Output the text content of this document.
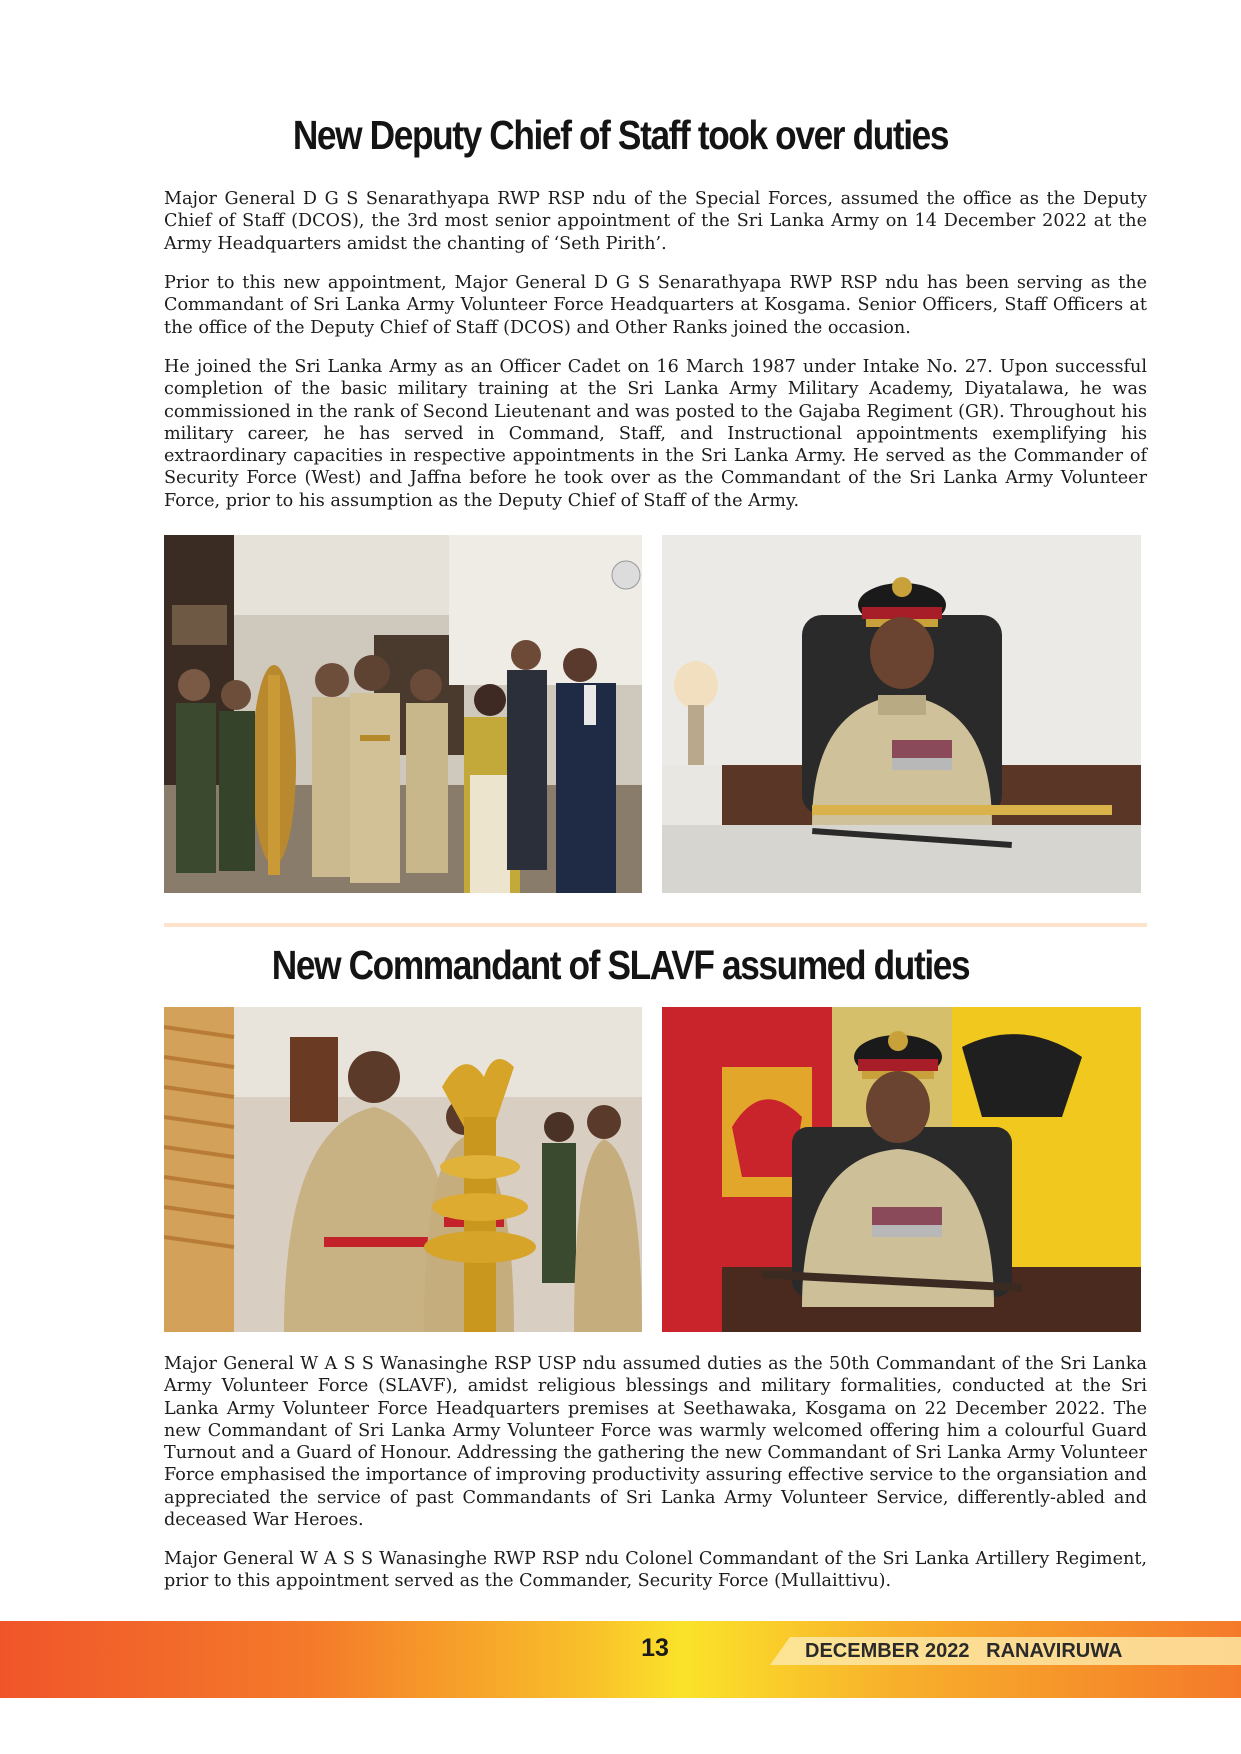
New Deputy Chief of Staff took over duties

Major General D G S Senarathyapa RWP RSP ndu of the Special Forces, assumed the office as the Deputy Chief of Staff (DCOS), the 3rd most senior appointment of the Sri Lanka Army on 14 December 2022 at the Army Headquarters amidst the chanting of ‘Seth Pirith’.

Prior to this new appointment, Major General D G S Senarathyapa RWP RSP ndu has been serving as the Commandant of Sri Lanka Army Volunteer Force Headquarters at Kosgama. Senior Officers, Staff Officers at the office of the Deputy Chief of Staff (DCOS) and Other Ranks joined the occasion.

He joined the Sri Lanka Army as an Officer Cadet on 16 March 1987 under Intake No. 27. Upon successful completion of the basic military training at the Sri Lanka Army Military Academy, Diyatalawa, he was commissioned in the rank of Second Lieutenant and was posted to the Gajaba Regiment (GR). Throughout his military career, he has served in Command, Staff, and Instructional appointments exemplifying his extraordinary capacities in respective appointments in the Sri Lanka Army. He served as the Commander of Security Force (West) and Jaffna before he took over as the Commandant of the Sri Lanka Army Volunteer Force, prior to his assumption as the Deputy Chief of Staff of the Army.

New Commandant of SLAVF assumed duties

Major General W A S S Wanasinghe RSP USP ndu assumed duties as the 50th Commandant of the Sri Lanka Army Volunteer Force (SLAVF), amidst religious blessings and military formalities, conducted at the Sri Lanka Army Volunteer Force Headquarters premises at Seethawaka, Kosgama on 22 December 2022. The new Commandant of Sri Lanka Army Volunteer Force was warmly welcomed offering him a colourful Guard Turnout and a Guard of Honour. Addressing the gathering the new Commandant of Sri Lanka Army Volunteer Force emphasised the importance of improving productivity assuring effective service to the organsiation and appreciated the service of past Commandants of Sri Lanka Army Volunteer Service, differently-abled and deceased War Heroes.

Major General W A S S Wanasinghe RWP RSP ndu Colonel Commandant of the Sri Lanka Artillery Regiment, prior to this appointment served as the Commander, Security Force (Mullaittivu).

13	DECEMBER 2022   RANAVIRUWA
